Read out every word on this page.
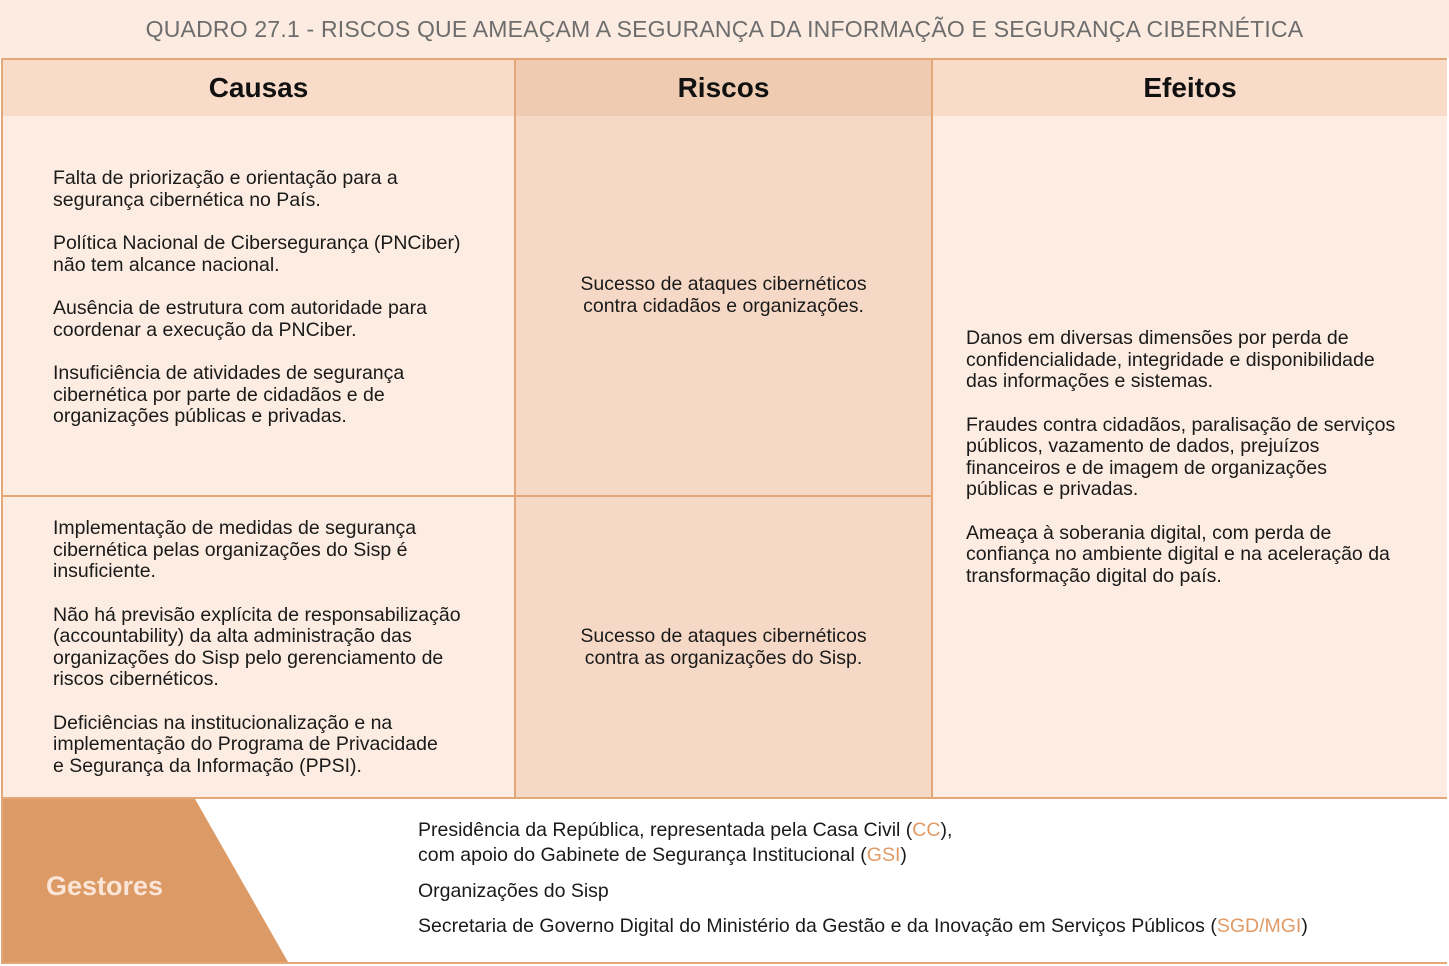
QUADRO 27.1 - RISCOS QUE AMEAÇAM A SEGURANÇA DA INFORMAÇÃO E SEGURANÇA CIBERNÉTICA
Causas	Riscos	Efeitos

Falta de priorização e orientação para a
segurança cibernética no País.

Política Nacional de Cibersegurança (PNCiber)
não tem alcance nacional.

Ausência de estrutura com autoridade para
coordenar a execução da PNCiber.

Insuficiência de atividades de segurança
cibernética por parte de cidadãos e de
organizações públicas e privadas.

Implementação de medidas de segurança
cibernética pelas organizações do Sisp é
insuficiente.

Não há previsão explícita de responsabilização
(accountability) da alta administração das
organizações do Sisp pelo gerenciamento de
riscos cibernéticos.

Deficiências na institucionalização e na
implementação do Programa de Privacidade
e Segurança da Informação (PPSI).

Sucesso de ataques cibernéticos
contra cidadãos e organizações.

Sucesso de ataques cibernéticos
contra as organizações do Sisp.

Danos em diversas dimensões por perda de
confidencialidade, integridade e disponibilidade
das informações e sistemas.

Fraudes contra cidadãos, paralisação de serviços
públicos, vazamento de dados, prejuízos
financeiros e de imagem de organizações
públicas e privadas.

Ameaça à soberania digital, com perda de
confiança no ambiente digital e na aceleração da
transformação digital do país.

Gestores
Presidência da República, representada pela Casa Civil (CC),
com apoio do Gabinete de Segurança Institucional (GSI)
Organizações do Sisp
Secretaria de Governo Digital do Ministério da Gestão e da Inovação em Serviços Públicos (SGD/MGI)
